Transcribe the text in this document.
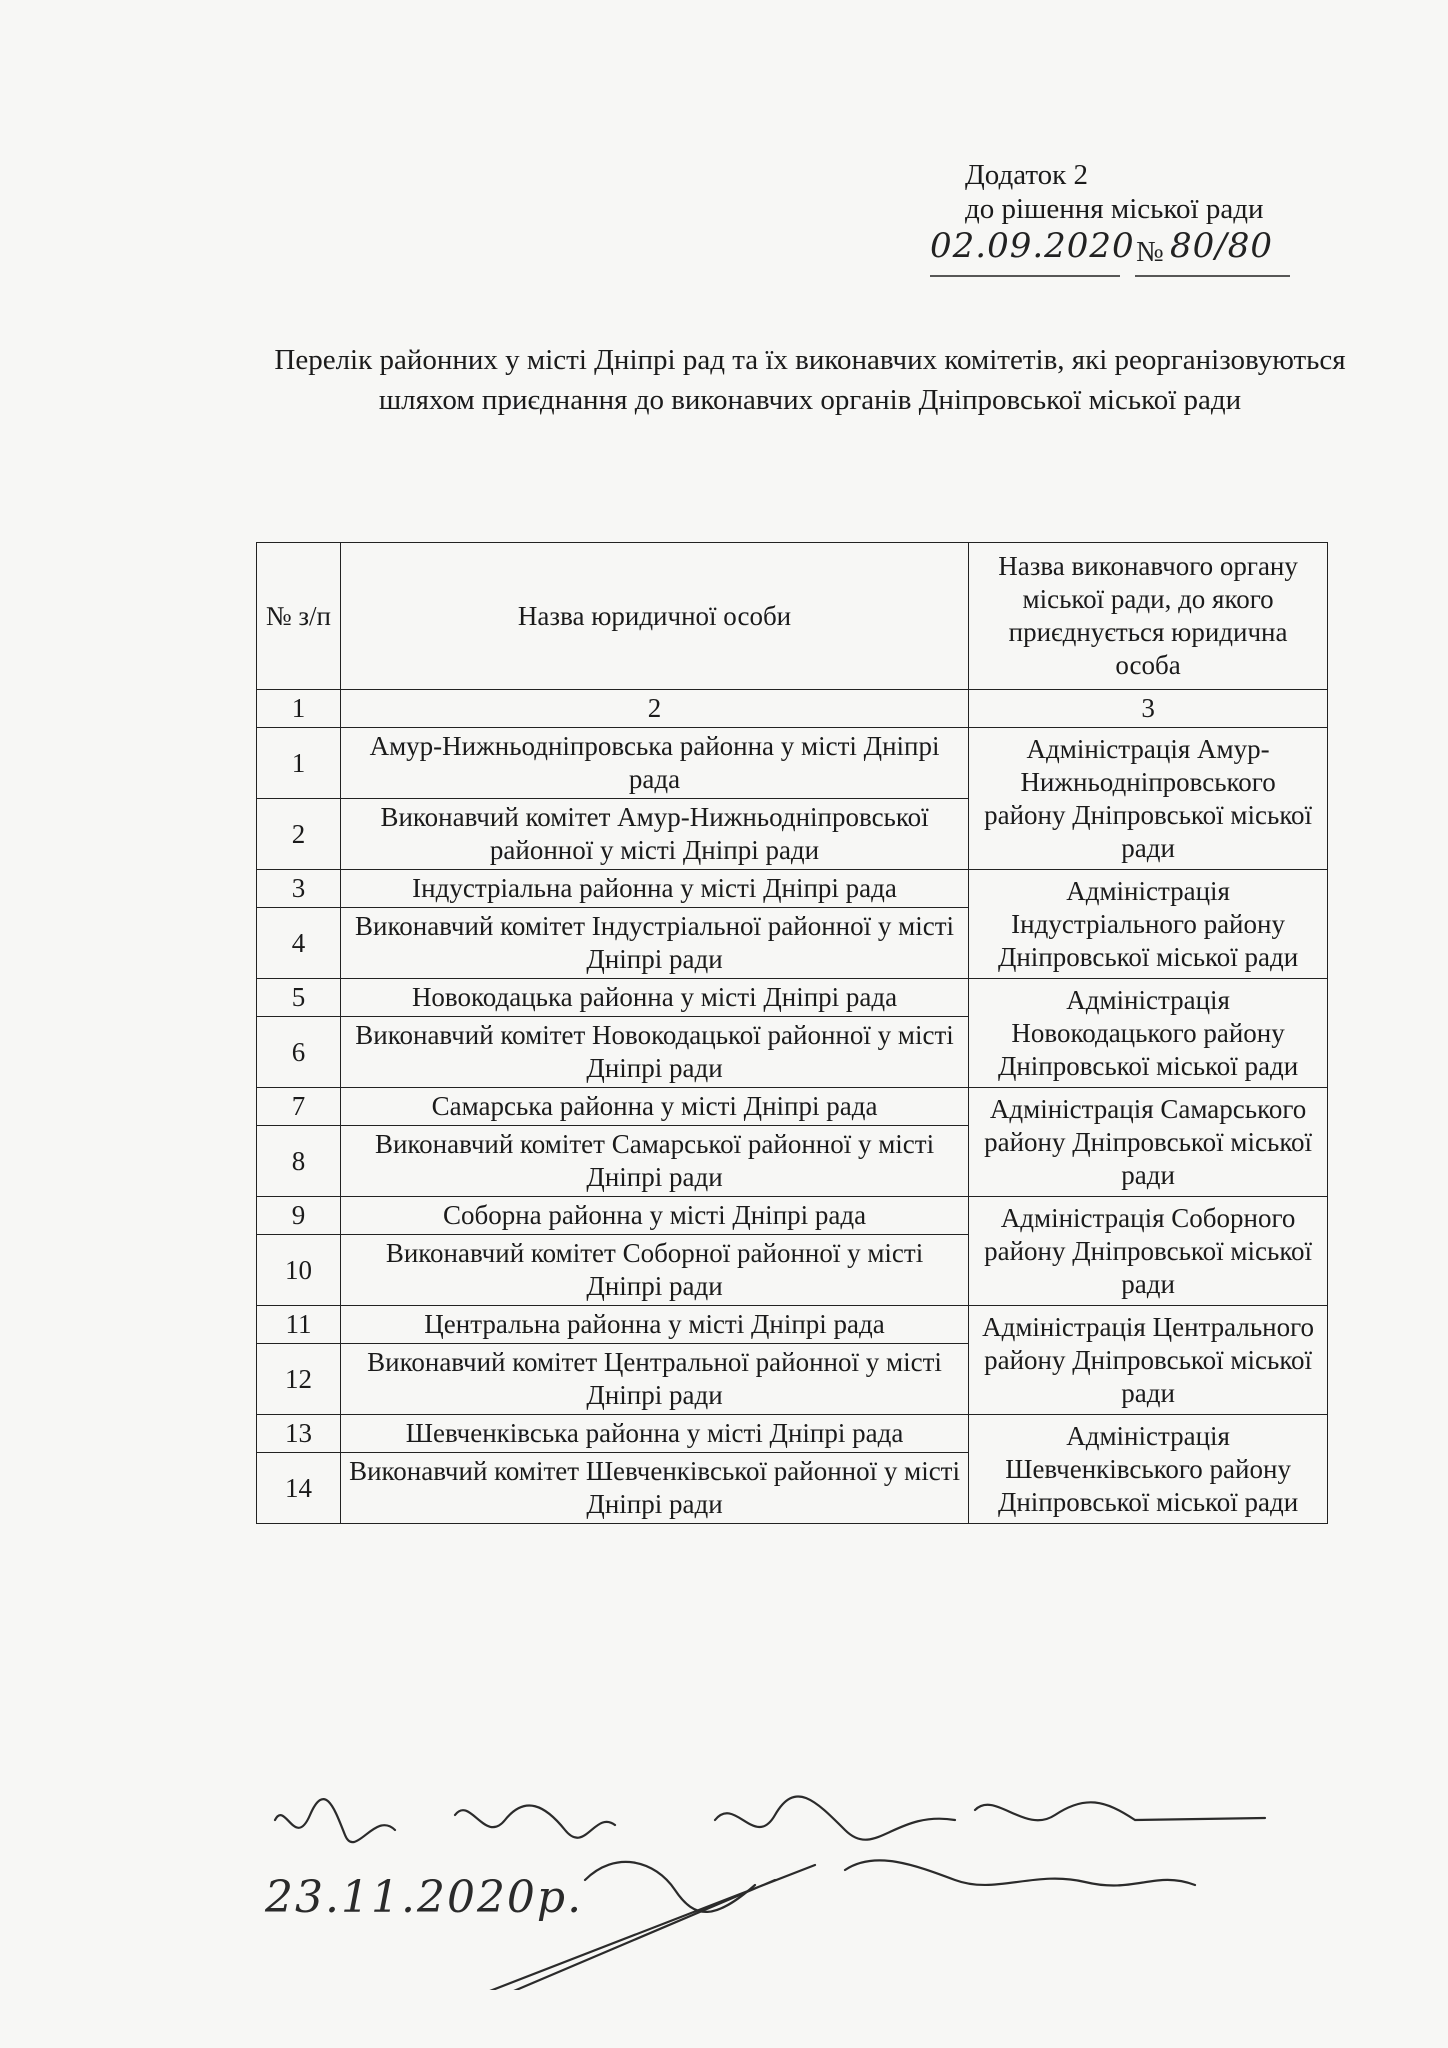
Додаток 2
до рішення міської ради
02.09.2020 № 80/80
Перелік районних у місті Дніпрі рад та їх виконавчих комітетів, які реорганізовуються шляхом приєднання до виконавчих органів Дніпровської міської ради
№ з/п	Назва юридичної особи	Назва виконавчого органу міської ради, до якого приєднується юридична особа
1	2	3
1	Амур-Нижньодніпровська районна у місті Дніпрі рада	Адміністрація Амур-Нижньодніпровського району Дніпровської міської ради
2	Виконавчий комітет Амур-Нижньодніпровської районної у місті Дніпрі ради	
3	Індустріальна районна у місті Дніпрі рада	Адміністрація Індустріального району Дніпровської міської ради
4	Виконавчий комітет Індустріальної районної у місті Дніпрі ради	
5	Новокодацька районна у місті Дніпрі рада	Адміністрація Новокодацького району Дніпровської міської ради
6	Виконавчий комітет Новокодацької районної у місті Дніпрі ради	
7	Самарська районна у місті Дніпрі рада	Адміністрація Самарського району Дніпровської міської ради
8	Виконавчий комітет Самарської районної у місті Дніпрі ради	
9	Соборна районна у місті Дніпрі рада	Адміністрація Соборного району Дніпровської міської ради
10	Виконавчий комітет Соборної районної у місті Дніпрі ради	
11	Центральна районна у місті Дніпрі рада	Адміністрація Центрального району Дніпровської міської ради
12	Виконавчий комітет Центральної районної у місті Дніпрі ради	
13	Шевченківська районна у місті Дніпрі рада	Адміністрація Шевченківського району Дніпровської міської ради
14	Виконавчий комітет Шевченківської районної у місті Дніпрі ради	
23.11.2020р.
